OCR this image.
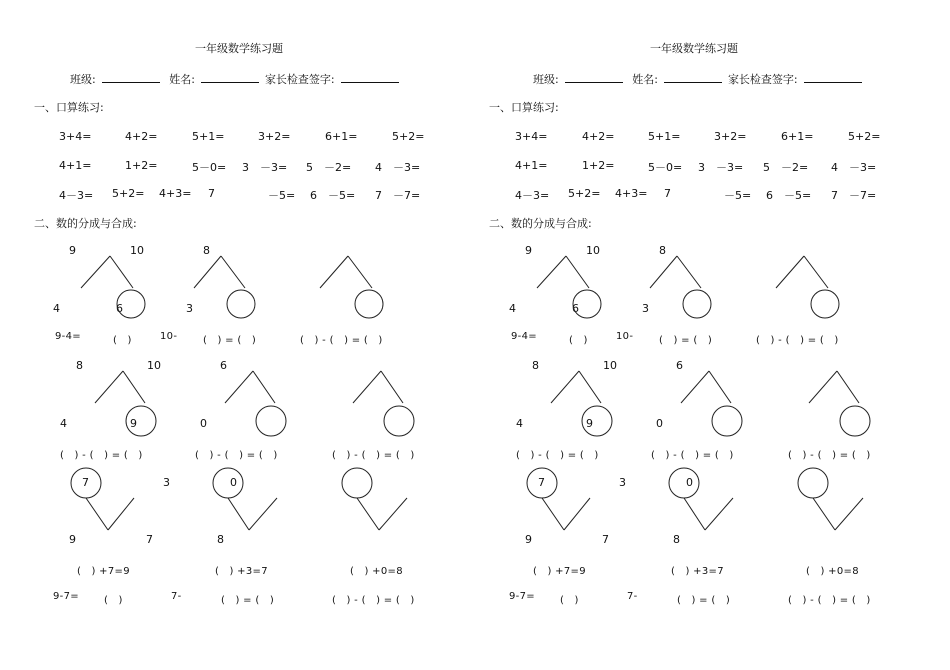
一年级数学练习题
班级:	姓名:	家长检查签字:
一、口算练习:
3+4=	4+2=	5+1=	3+2=	6+1=	5+2=
4+1=	1+2=	5－0= 3　－3= 5　－2= 4　－3=
4－3= 5+2= 4+3= 7	－5= 6　－5= 7　－7=
二、数的分成与合成:
9	10
4	6
8
3
9-4=	(　)	10-	(　) = (　)	(　) - (　) = (　)
8	10
4	9
6
0
(　) - (　) = (　)	(　) - (　) = (　)	(　) - (　) = (　)
7	3
9	7
0
8
(　) +7=9	(　) +3=7	(　) +0=8
9-7=	(　)	7-	(　) = (　)	(　) - (　) = (　)
一年级数学练习题
班级:	姓名:	家长检查签字:
一、口算练习:
3+4=	4+2=	5+1=	3+2=	6+1=	5+2=
4+1=	1+2=	5－0= 3　－3= 5　－2= 4　－3=
4－3= 5+2= 4+3= 7	－5= 6　－5= 7　－7=
二、数的分成与合成:
9	10
4	6
8
3
9-4=	(　)	10-	(　) = (　)	(　) - (　) = (　)
8	10
4	9
6
0
(　) - (　) = (　)	(　) - (　) = (　)	(　) - (　) = (　)
7	3
9	7
0
8
(　) +7=9	(　) +3=7	(　) +0=8
9-7=	(　)	7-	(　) = (　)	(　) - (　) = (　)
